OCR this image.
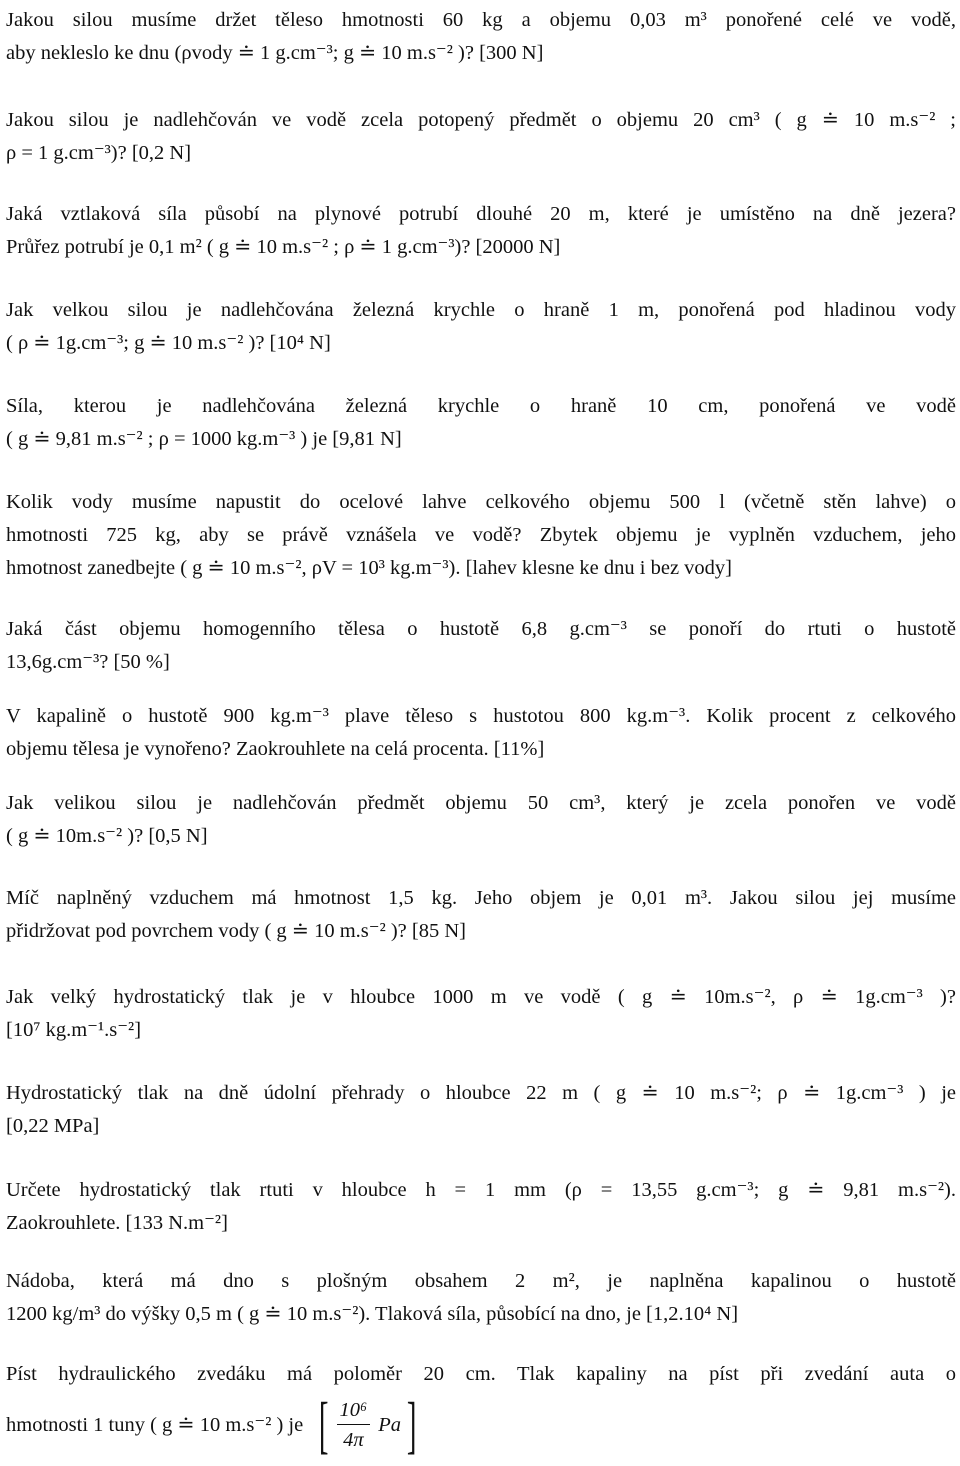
Jakou silou musíme držet těleso hmotnosti 60 kg a objemu 0,03 m³ ponořené celé ve vodě,
aby nekleslo ke dnu (ρvody ≐ 1 g.cm⁻³; g ≐ 10 m.s⁻² )? [300 N]
Jakou silou je nadlehčován ve vodě zcela potopený předmět o objemu 20 cm³ ( g ≐ 10 m.s⁻² ;
ρ = 1 g.cm⁻³)? [0,2 N]
Jaká vztlaková síla působí na plynové potrubí dlouhé 20 m, které je umístěno na dně jezera?
Průřez potrubí je 0,1 m² ( g ≐ 10 m.s⁻² ; ρ ≐ 1 g.cm⁻³)? [20000 N]
Jak velkou silou je nadlehčována železná krychle o hraně 1 m, ponořená pod hladinou vody
( ρ ≐ 1g.cm⁻³; g ≐ 10 m.s⁻² )? [10⁴ N]
Síla, kterou je nadlehčována železná krychle o hraně 10 cm, ponořená ve vodě
( g ≐ 9,81 m.s⁻² ; ρ = 1000 kg.m⁻³ ) je [9,81 N]
Kolik vody musíme napustit do ocelové lahve celkového objemu 500 l (včetně stěn lahve) o
hmotnosti 725 kg, aby se právě vznášela ve vodě? Zbytek objemu je vyplněn vzduchem, jeho
hmotnost zanedbejte ( g ≐ 10 m.s⁻², ρV = 10³ kg.m⁻³). [lahev klesne ke dnu i bez vody]
Jaká část objemu homogenního tělesa o hustotě 6,8 g.cm⁻³ se ponoří do rtuti o hustotě
13,6g.cm⁻³? [50 %]
V kapalině o hustotě 900 kg.m⁻³ plave těleso s hustotou 800 kg.m⁻³. Kolik procent z celkového
objemu tělesa je vynořeno? Zaokrouhlete na celá procenta. [11%]
Jak velikou silou je nadlehčován předmět objemu 50 cm³, který je zcela ponořen ve vodě
( g ≐ 10m.s⁻² )? [0,5 N]
Míč naplněný vzduchem má hmotnost 1,5 kg. Jeho objem je 0,01 m³. Jakou silou jej musíme
přidržovat pod povrchem vody ( g ≐ 10 m.s⁻² )? [85 N]
Jak velký hydrostatický tlak je v hloubce 1000 m ve vodě ( g ≐ 10m.s⁻², ρ ≐ 1g.cm⁻³ )?
[10⁷ kg.m⁻¹.s⁻²]
Hydrostatický tlak na dně údolní přehrady o hloubce 22 m ( g ≐ 10 m.s⁻²; ρ ≐ 1g.cm⁻³ ) je
[0,22 MPa]
Určete hydrostatický tlak rtuti v hloubce h = 1 mm (ρ = 13,55 g.cm⁻³; g ≐ 9,81 m.s⁻²).
Zaokrouhlete. [133 N.m⁻²]
Nádoba, která má dno s plošným obsahem 2 m², je naplněna kapalinou o hustotě
1200 kg/m³ do výšky 0,5 m ( g ≐ 10 m.s⁻²). Tlaková síla, působící na dno, je [1,2.10⁴ N]
Píst hydraulického zvedáku má poloměr 20 cm. Tlak kapaliny na píst při zvedání auta o
hmotnosti 1 tuny ( g ≐ 10 m.s⁻² ) je [ $\frac{\text{10⁶}}{4\pi}$ Pa ]
